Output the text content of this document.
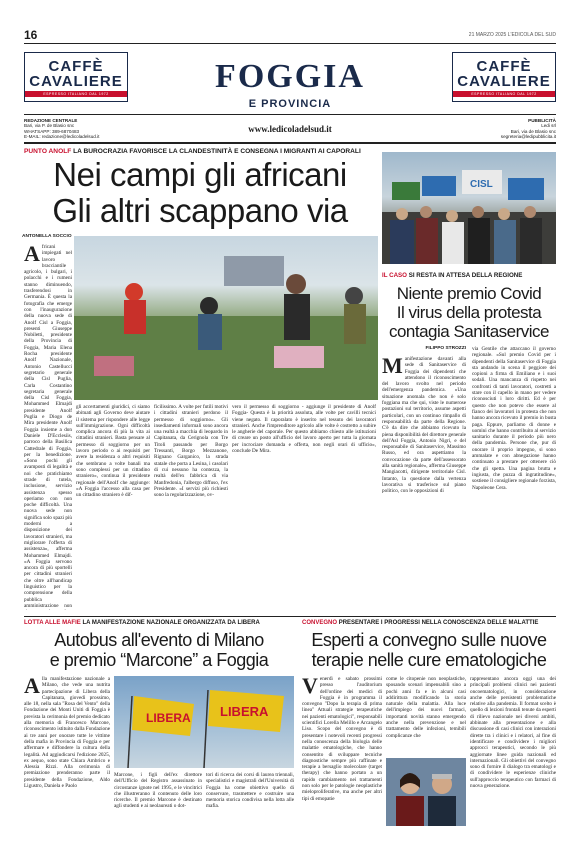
16	21 MARZO 2025 L'EDICOLA DEL SUD
CAFFÈ
CAVALIERE
ESPRESSO ITALIANO DAL 1972	FOGGIA
E PROVINCIA
CAFFÈ
CAVALIERE
ESPRESSO ITALIANO DAL 1972
REDAZIONE CENTRALE
Bari, via P. de Blasio snc
WHATSAPP: 389-6870483
E-MAIL: redazione@ledicoladelsud.it
www.ledicoladelsud.it
PUBBLICITÀ
Ledi srl
Bari, via de Blasio snc
segreteria@ledipubblicita.it
PUNTO ANOLF LA BUROCRAZIA FAVORISCE LA CLANDESTINITÀ E CONSEGNA I MIGRANTI AI CAPORALI
Nei campi gli africani
Gli altri scappano via
CISL
ANTONELLA SOCCIO
Africani impiegati nel lavoro bracciantile agricolo, i bulgari, i polacchi e i rumeni stanno diminuendo, trasferendosi in Germania. È questa la fotografia che emerge con l'inaugurazione della nuova sede di Anolf Cisl a Foggia, presenti Giuseppe Nobiletti, presidente della Provincia di Foggia, Maria Elena Rocha presidente Anolf Nazionale, Antonio Castellucci segretario generale della Cisl Puglia, Carla Costantino segretaria generale della Cisl Foggia, Mohammed Elmajdi presidente Anolf Puglia e Diogo de Mira presidente Anolf Foggia insieme a don Daniele D'Ecclesiis, parroco della Basilica Cattedrale di Foggia, per la benedizione. «Sono pochi gli avamposti di legalità e noi che pratichiamo strade di tutela, inclusione, servizio assistenza spesso operiamo con non poche difficoltà. Una nuova sede non significa solo spazi più moderni a disposizione dei lavoratori stranieri, ma migliorare l'offerta di assistenza», afferma Mohammed Elmajdi. «A Foggia servono ancora di più sportelli per cittadini stranieri che oltre all'handicap linguistico per la comprensione della pubblica amministrazione non
gli accertamenti giuridici, ci siamo abituati agli Governo deve aiutare il sistema per rispondere alle legge sull'immigrazione. Ogni difficoltà complica ancora di più la vita ai cittadini stranieri. Basta pensare al permesso di soggiorno per un lavoro periodo o ai requisiti per avere la residenza o altri requisiti che sembrano a volte banali ma sono complessi per un cittadino straniero», continua il presidente regionale dell'Anolf che aggiunge: «A Foggia l'accesso alla casa per un cittadino straniero è dif-
ficilissimo. A volte per futili motivi i cittadini stranieri perdono il permesso di soggiorno». Gli insediamenti informali sono ancora una realtà a macchia di leopardo in Capitanata, da Cerignola con Tre Titoli passando per Borgo Tressanti, Borgo Mezzanone, Rignano Garganico, la strada statale che porta a Lesina, i casolari di cui nessuno ha contezza, la realtà dell'ex fabbrica di via Manfredonia, l'albergo diffuso, l'ex Presidente. «I servizi più richiesti sono la regolarizzazione, ov-
vero il permesso di soggiorno - aggiunge il presidente di Anolf Foggia- Questa è la priorità assoluta, alle volte per cavilli tecnici viene negato. Il caporalato è inserito nel tessuto dei lavoratori stranieri. Anche l'imprenditore agricolo alle volte è costretto a subire le angherie del caporale. Per questo abbiamo chiesto alle istituzioni di creare un posto all'ufficio del lavoro aperto per tutta la giornata per incrociare domanda e offerta, non negli orari di ufficio», conclude De Mira.
IL CASO SI RESTA IN ATTESA DELLA REGIONE
Niente premio Covid
Il virus della protesta
contagia Sanitaservice
FILIPPO STROZZI
Manifestazione davanti alla sede di Sanitaservice di Foggia dei dipendenti che attendono il riconoscimento del lavoro svolto nel periodo dell'emergenza pandemica. «Una situazione anomala che non è solo foggiana ma che qui, viste le numerose postazioni sul territorio, assume aspetti particolari, con un continuo rimpallo di responsabilità da parte della Regione. C'è da dire che abbiamo ricevuto la piena disponibilità del direttore generale dell'Asl Foggia, Antonio Nigri, e del responsabile di Sanitaservice, Massimo Russo, ed ora aspettiamo la convocazione da parte dell'assessorato alla sanità regionale», afferma Giuseppe Mangiacotti, dirigente territoriale Cisl. Intanto, la questione dalla vertenza lavorativa si trasferisce sul piano politico, con le opposizioni di
via Gentile che attaccano il governo regionale. «Sul premio Covid per i dipendenti della Sanitaservice di Foggia sta andando in scena il peggiore dei copioni a firma di Emiliano e i suoi sodali. Una mancanza di rispetto nei confronti di tanti lavoratori, costretti a stare con il capello in mano per vedere riconosciuti i loro diritti. Ed è per questo che non potevo che essere al fianco dei lavoratori in protesta che non hanno ancora ricevuto il premio in busta paga. Eppure, parliamo di donne e uomini che hanno contribuito al servizio sanitario durante il periodo più nero della pandemia. Persone che, pur di onorare il proprio impegno, si sono ammalate e con abnegazione hanno continuato a prestare per ottenere ciò che gli spetta. Una pagina brutta e ingiusta, che puzza di ingratitudine», sostiene il consigliere regionale forzista, Napoleone Cera.
LOTTA ALLE MAFIE LA MANIFESTAZIONE NAZIONALE ORGANIZZATA DA LIBERA
Autobus all'evento di Milano
e premio “Marcone” a Foggia
Alla manifestazione nazionale a Milano, che vede una nutrita partecipazione di Libera della Capitanata, giovedì prossimo, alle 18, nella sala "Rosa del Vento" della Fondazione dei Monti Uniti di Foggia è prevista la cerimonia del premio dedicato alla memoria di Francesco Marcone, riconoscimento istituito dalla Fondazione ai tre anni per onorare tutte le vittime della mafia in Provincia di Foggia e per affermare e diffondere la cultura della legalità. Ad aggiudicarsi l'edizione 2025, ex aequo, sono state Chiara Ambrico e Alessia Rizzi. Alla cerimonia di premiazione prenderanno parte il presidente della Fondazione, Aldo Ligustro, Daniela e Paolo
LIBERA LIBERA
Marcone, i figli dell'ex direttore dell'Ufficio del Registro assassinato in circostanze ignote nel 1995, e le vincitrici che illustreranno il contenuto delle loro ricerche. Il premio Marcone è destinato agli studenti e ai neolaureati o dot-
tori di ricerca dei corsi di laurea triennali, specialistici e magistrali dell'Università di Foggia ha come obiettivo quello di conservare, trasmettere e costruire una memoria storica condivisa nella lotta alle mafia.
CONVEGNO PRESENTARE I PROGRESSI NELLA CONOSCENZA DELLE MALATTIE
Esperti a convegno sulle nuove
terapie nelle cure ematologiche
Venerdì e sabato prossimi presso l'auditorium dell'ordine dei medici di Foggia è in programma il convegno "Dopo la terapia di prima linea" Attuali strategie terapeutiche nei pazienti ematologici", responsabili scientifici Lorella Melillo e Arcangelo Liso. Scopo del convegno è di presentare i notevoli recenti progressi nella conoscenza della biologia delle malattie ematologiche, che hanno consentito di sviluppare tecniche diagnostiche sempre più raffinate e terapie a bersaglio molecolare (target therapy) che hanno portato a un rapido cambiamento nei trattamenti non solo per le patologie neoplastiche mieloproliferative, ma anche per altri tipi di emopatie
come le citopenie non neoplastiche, sposando scenari impensabili sino a pochi anni fa e in alcuni casi addirittura modificando la storia naturale della malattia. Alla luce dell'impiego dei nuovi farmaci, importanti novità stanno emergendo anche nella prevenzione e nel trattamento delle infezioni, temibili complicanze che
rappresentano ancora oggi una dei principali problemi clinici nei pazienti oncoematologici, in considerazione anche delle persistenti problematiche relative alla pandemia. Il format scelto è quello di lezioni frontali tenute da esperti di rilievo nazionale nei diversi ambiti, abbinate alla presentazione e alla discussione di casi clinici con interazioni dirette tra i clinici e i relatori, al fine di identificare e condividere i migliori approcci terapeutici, secondo le più aggiornate linee guida nazionali ed internazionali. Gli obiettivi del convegno sono di fornire il dialogo tra ematologi e di condividere le esperienze cliniche sull'approccio terapeutico con farmaci di nuova generazione.
